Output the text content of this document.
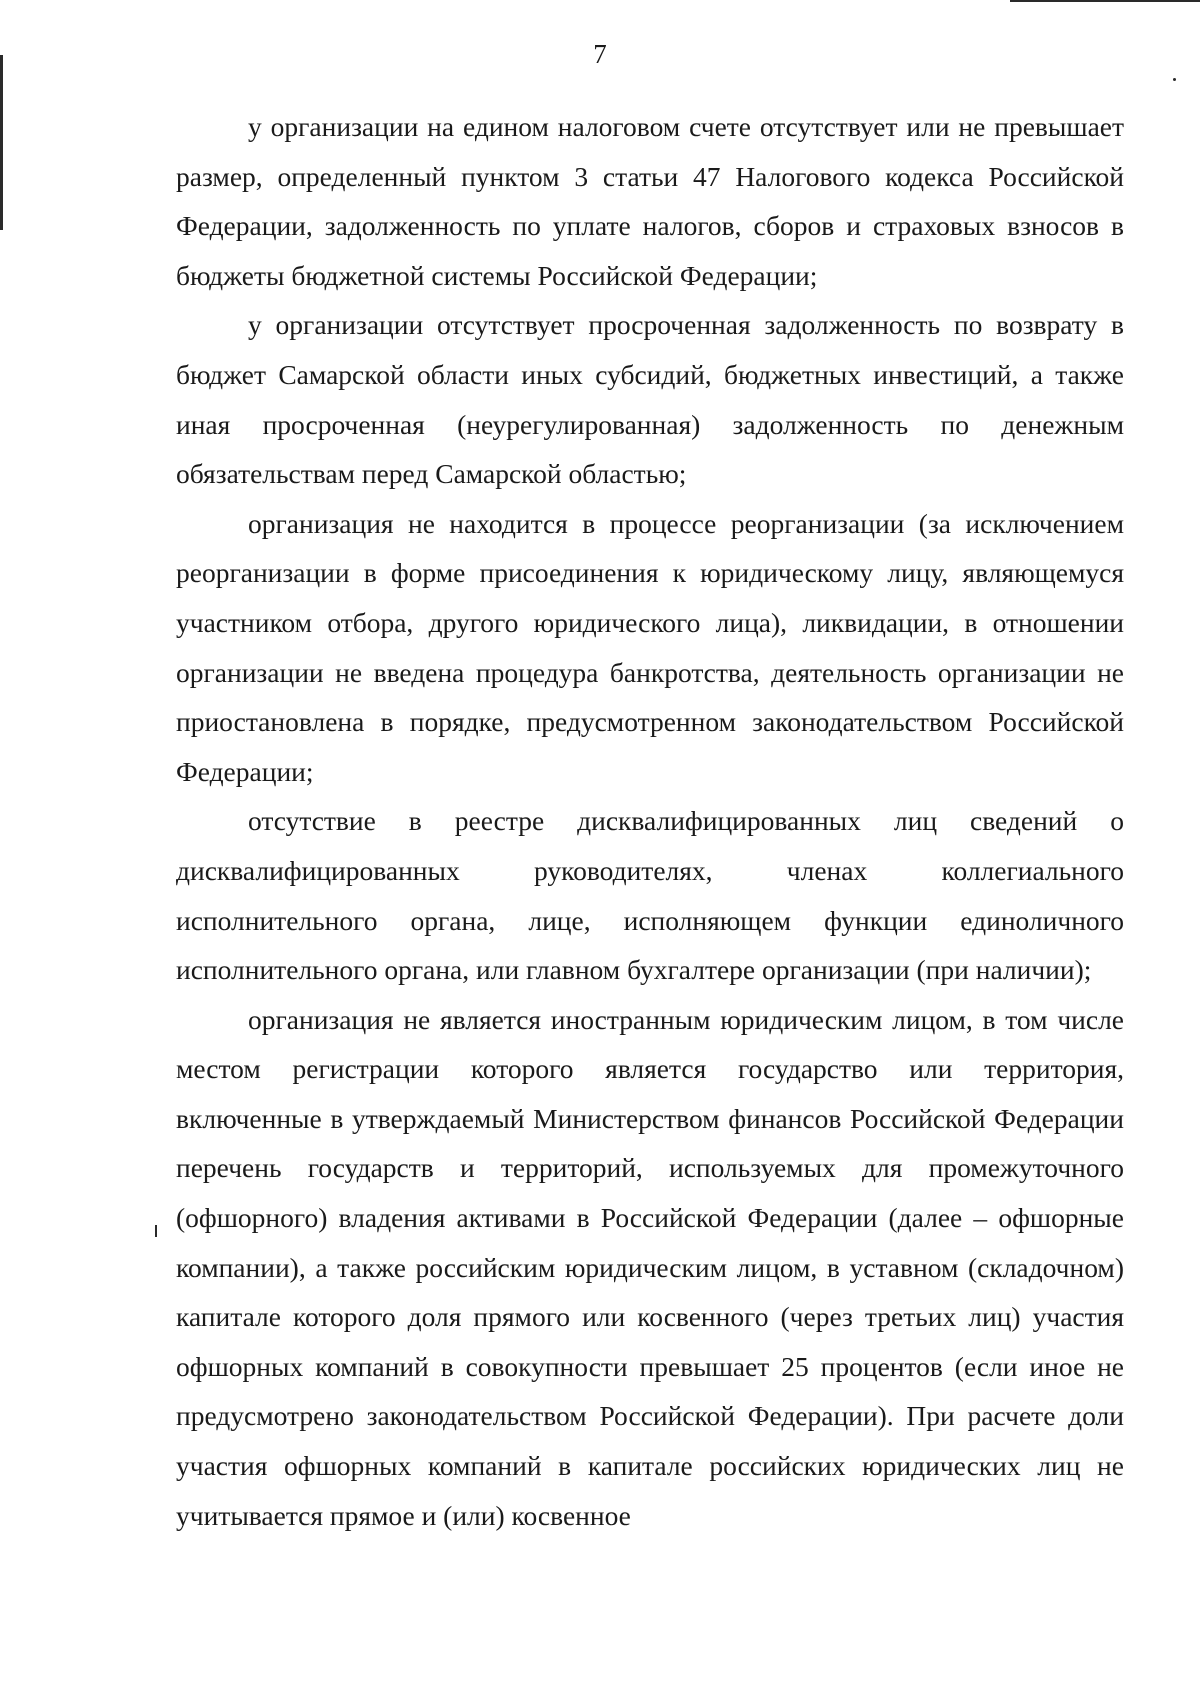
7

у организации на едином налоговом счете отсутствует или не превышает размер, определенный пунктом 3 статьи 47 Налогового кодекса Российской Федерации, задолженность по уплате налогов, сборов и страховых взносов в бюджеты бюджетной системы Российской Федерации;

у организации отсутствует просроченная задолженность по возврату в бюджет Самарской области иных субсидий, бюджетных инвестиций, а также иная просроченная (неурегулированная) задолженность по денежным обязательствам перед Самарской областью;

организация не находится в процессе реорганизации (за исключением реорганизации в форме присоединения к юридическому лицу, являющемуся участником отбора, другого юридического лица), ликвидации, в отношении организации не введена процедура банкротства, деятельность организации не приостановлена в порядке, предусмотренном законодательством Российской Федерации;

отсутствие в реестре дисквалифицированных лиц сведений о дисквалифицированных руководителях, членах коллегиального исполнительного органа, лице, исполняющем функции единоличного исполнительного органа, или главном бухгалтере организации (при наличии);

организация не является иностранным юридическим лицом, в том числе местом регистрации которого является государство или территория, включенные в утверждаемый Министерством финансов Российской Федерации перечень государств и территорий, используемых для промежуточного (офшорного) владения активами в Российской Федерации (далее – офшорные компании), а также российским юридическим лицом, в уставном (складочном) капитале которого доля прямого или косвенного (через третьих лиц) участия офшорных компаний в совокупности превышает 25 процентов (если иное не предусмотрено законодательством Российской Федерации). При расчете доли участия офшорных компаний в капитале российских юридических лиц не учитывается прямое и (или) косвенное
